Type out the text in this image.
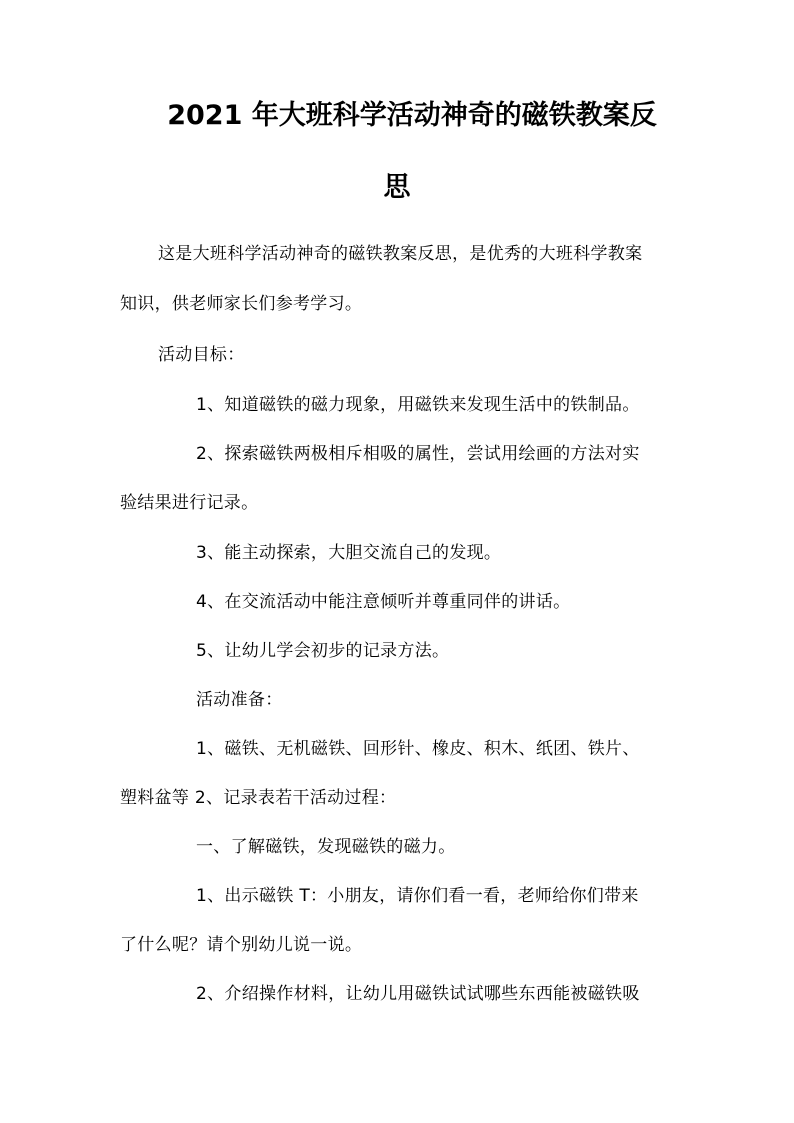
2021 年大班科学活动神奇的磁铁教案反
思
这是大班科学活动神奇的磁铁教案反思，是优秀的大班科学教案
知识，供老师家长们参考学习。
活动目标：
1、知道磁铁的磁力现象，用磁铁来发现生活中的铁制品。
2、探索磁铁两极相斥相吸的属性，尝试用绘画的方法对实
验结果进行记录。
3、能主动探索，大胆交流自己的发现。
4、在交流活动中能注意倾听并尊重同伴的讲话。
5、让幼儿学会初步的记录方法。
活动准备：
1、磁铁、无机磁铁、回形针、橡皮、积木、纸团、铁片、
塑料盆等 2、记录表若干活动过程：
一、了解磁铁，发现磁铁的磁力。
1、出示磁铁 T：小朋友，请你们看一看，老师给你们带来
了什么呢？请个别幼儿说一说。
2、介绍操作材料，让幼儿用磁铁试试哪些东西能被磁铁吸
